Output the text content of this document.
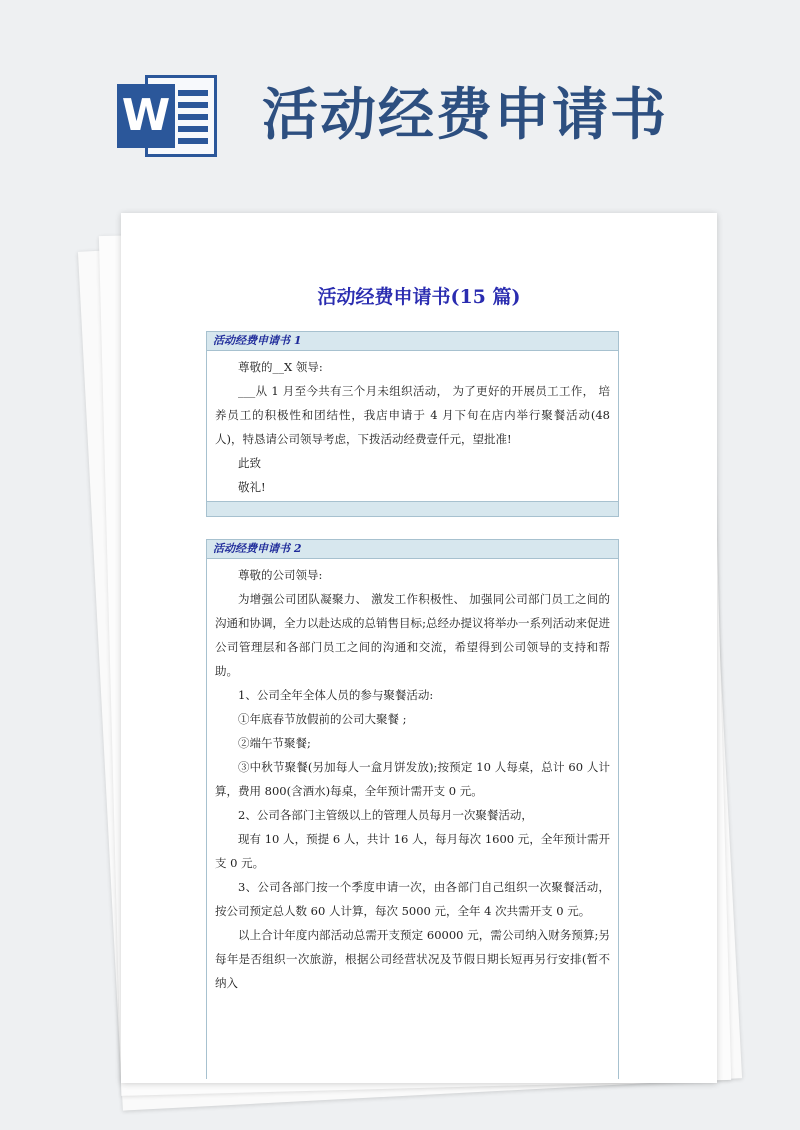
W 活动经费申请书
活动经费申请书(15 篇)
活动经费申请书 1

尊敬的__X 领导:

___从 1 月至今共有三个月未组织活动， 为了更好的开展员工工作， 培养员工的积极性和团结性，我店申请于 4 月下旬在店内举行聚餐活动(48 人)，特恳请公司领导考虑，下拨活动经费壹仟元，望批准!

此致

敬礼!

活动经费申请书 2

尊敬的公司领导:

为增强公司团队凝聚力、 激发工作积极性、 加强同公司部门员工之间的沟通和协调，全力以赴达成的总销售目标;总经办提议将举办一系列活动来促进公司管理层和各部门员工之间的沟通和交流，希望得到公司领导的支持和帮助。

1、公司全年全体人员的参与聚餐活动:

①年底春节放假前的公司大聚餐 ;

②端午节聚餐;

③中秋节聚餐(另加每人一盒月饼发放);按预定 10 人每桌，总计 60 人计算，费用 800(含酒水)每桌，全年预计需开支 0 元。

2、公司各部门主管级以上的管理人员每月一次聚餐活动，

现有 10 人，预提 6 人，共计 16 人，每月每次 1600 元，全年预计需开支 0 元。

3、公司各部门按一个季度申请一次，由各部门自己组织一次聚餐活动，按公司预定总人数 60 人计算，每次 5000 元，全年 4 次共需开支 0 元。

以上合计年度内部活动总需开支预定 60000 元，需公司纳入财务预算;另每年是否组织一次旅游，根据公司经营状况及节假日期长短再另行安排(暂不纳入
